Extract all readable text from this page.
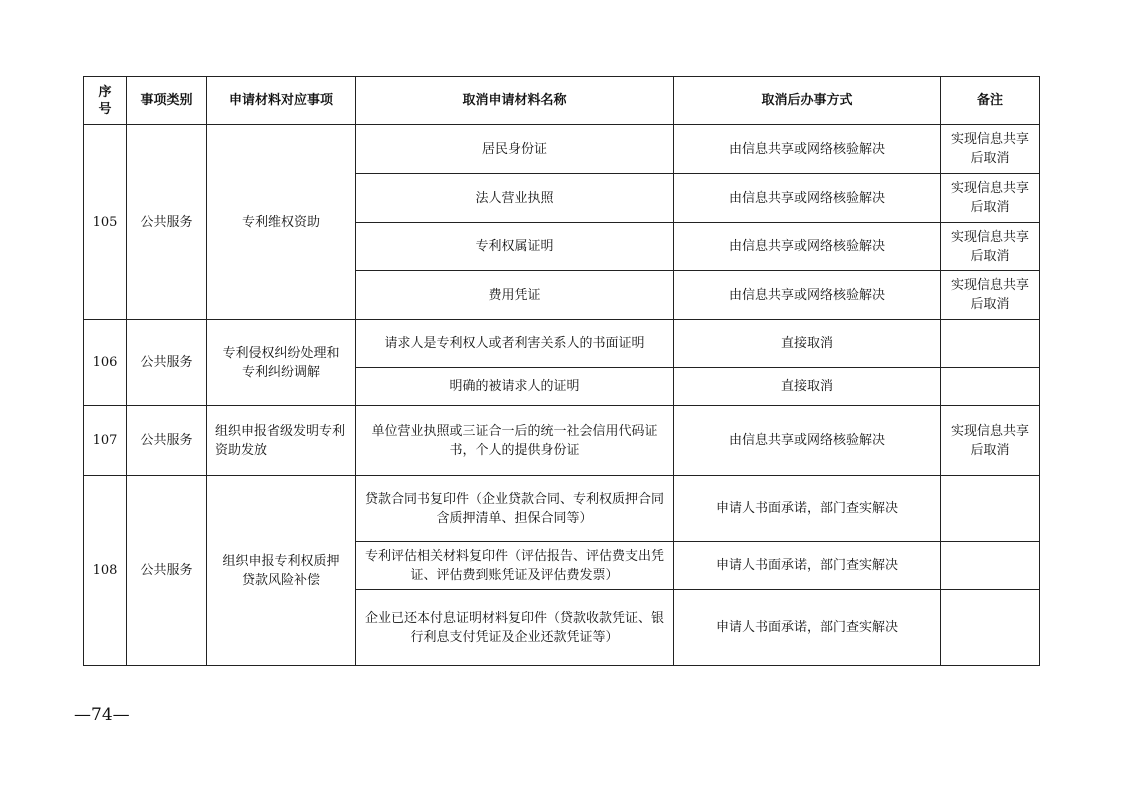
序号	事项类别	申请材料对应事项	取消申请材料名称	取消后办事方式	备注
105	公共服务	专利维权资助	居民身份证	由信息共享或网络核验解决	实现信息共享后取消
			法人营业执照	由信息共享或网络核验解决	实现信息共享后取消
			专利权属证明	由信息共享或网络核验解决	实现信息共享后取消
			费用凭证	由信息共享或网络核验解决	实现信息共享后取消
106	公共服务	专利侵权纠纷处理和专利纠纷调解	请求人是专利权人或者利害关系人的书面证明	直接取消	
			明确的被请求人的证明	直接取消	
107	公共服务	组织申报省级发明专利资助发放	单位营业执照或三证合一后的统一社会信用代码证书，个人的提供身份证	由信息共享或网络核验解决	实现信息共享后取消
108	公共服务	组织申报专利权质押贷款风险补偿	贷款合同书复印件（企业贷款合同、专利权质押合同含质押清单、担保合同等）	申请人书面承诺，部门查实解决	
			专利评估相关材料复印件（评估报告、评估费支出凭证、评估费到账凭证及评估费发票）	申请人书面承诺，部门查实解决	
			企业已还本付息证明材料复印件（贷款收款凭证、银行利息支付凭证及企业还款凭证等）	申请人书面承诺，部门查实解决	
—74—
